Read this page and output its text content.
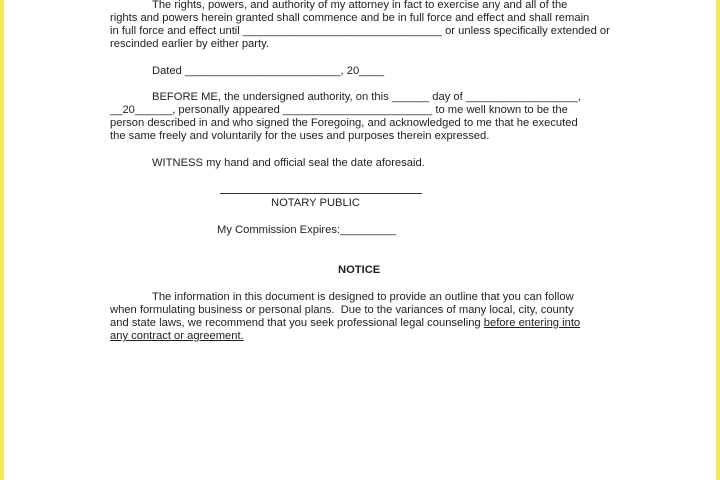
The rights, powers, and authority of my attorney in fact to exercise any and all of the
rights and powers herein granted shall commence and be in full force and effect and shall remain
in full force and effect until ________________________________ or unless specifically extended or
rescinded earlier by either party.
Dated _________________________, 20____
BEFORE ME, the undersigned authority, on this ______ day of __________________,
__20______, personally appeared ________________________ to me well known to be the
person described in and who signed the Foregoing, and acknowledged to me that he executed
the same freely and voluntarily for the uses and purposes therein expressed.
WITNESS my hand and official seal the date aforesaid.
NOTARY PUBLIC
My Commission Expires:_________
NOTICE
The information in this document is designed to provide an outline that you can follow
when formulating business or personal plans.  Due to the variances of many local, city, county
and state laws, we recommend that you seek professional legal counseling before entering into
any contract or agreement.
